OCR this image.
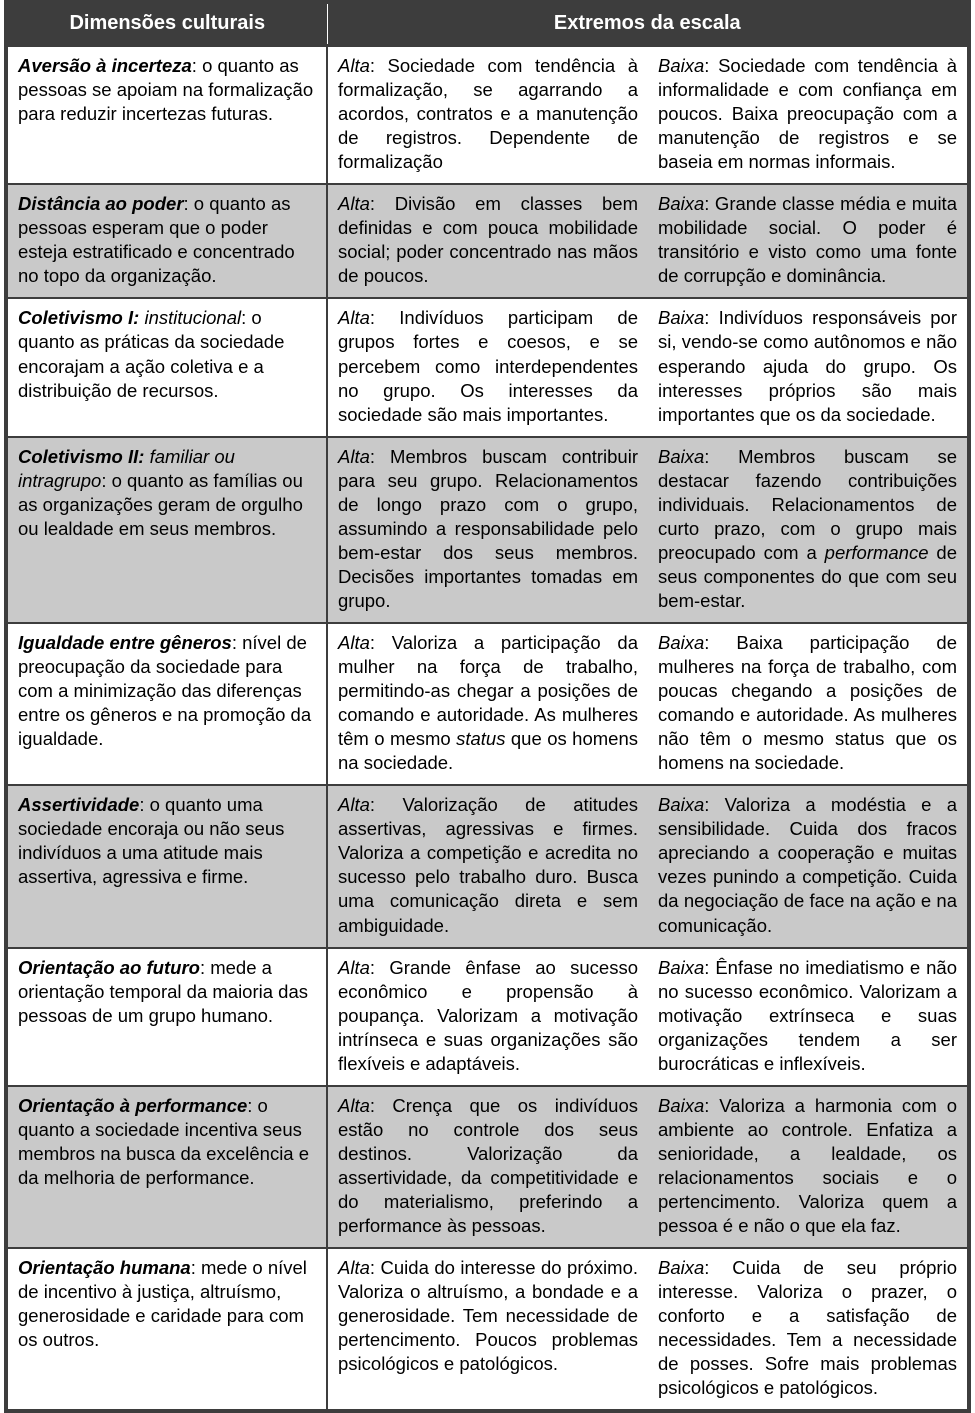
Dimensões culturais	Extremos da escala	
Aversão à incerteza: o quanto as pessoas se apoiam na formalização para reduzir incertezas futuras.	Alta: Sociedade com tendência à formalização, se agarrando a acordos, contratos e a manutenção de registros. Dependente de formalização	Baixa: Sociedade com tendência à informalidade e com confiança em poucos. Baixa preocupação com a manutenção de registros e se baseia em normas informais.

Distância ao poder: o quanto as pessoas esperam que o poder esteja estratificado e concentrado no topo da organização.	Alta: Divisão em classes bem definidas e com pouca mobilidade social; poder concentrado nas mãos de poucos.	Baixa: Grande classe média e muita mobilidade social. O poder é transitório e visto como uma fonte de corrupção e dominância.

Coletivismo I: institucional: o quanto as práticas da sociedade encorajam a ação coletiva e a distribuição de recursos.	Alta: Indivíduos participam de grupos fortes e coesos, e se percebem como interdependentes no grupo. Os interesses da sociedade são mais importantes.	Baixa: Indivíduos responsáveis por si, vendo-se como autônomos e não esperando ajuda do grupo. Os interesses próprios são mais importantes que os da sociedade.

Coletivismo II: familiar ou intragrupo: o quanto as famílias ou as organizações geram de orgulho ou lealdade em seus membros.	Alta: Membros buscam contribuir para seu grupo. Relacionamentos de longo prazo com o grupo, assumindo a responsabilidade pelo bem-estar dos seus membros. Decisões importantes tomadas em grupo.	Baixa: Membros buscam se destacar fazendo contribuições individuais. Relacionamentos de curto prazo, com o grupo mais preocupado com a performance de seus componentes do que com seu bem-estar.

Igualdade entre gêneros: nível de preocupação da sociedade para com a minimização das diferenças entre os gêneros e na promoção da igualdade.	Alta: Valoriza a participação da mulher na força de trabalho, permitindo-as chegar a posições de comando e autoridade. As mulheres têm o mesmo status que os homens na sociedade.	Baixa: Baixa participação de mulheres na força de trabalho, com poucas chegando a posições de comando e autoridade. As mulheres não têm o mesmo status que os homens na sociedade.

Assertividade: o quanto uma sociedade encoraja ou não seus indivíduos a uma atitude mais assertiva, agressiva e firme.	Alta: Valorização de atitudes assertivas, agressivas e firmes. Valoriza a competição e acredita no sucesso pelo trabalho duro. Busca uma comunicação direta e sem ambiguidade.	Baixa: Valoriza a modéstia e a sensibilidade. Cuida dos fracos apreciando a cooperação e muitas vezes punindo a competição. Cuida da negociação de face na ação e na comunicação.

Orientação ao futuro: mede a orientação temporal da maioria das pessoas de um grupo humano.	Alta: Grande ênfase ao sucesso econômico e propensão à poupança. Valorizam a motivação intrínseca e suas organizações são flexíveis e adaptáveis.	Baixa: Ênfase no imediatismo e não no sucesso econômico. Valorizam a motivação extrínseca e suas organizações tendem a ser burocráticas e inflexíveis.

Orientação à performance: o quanto a sociedade incentiva seus membros na busca da excelência e da melhoria de performance.	Alta: Crença que os indivíduos estão no controle dos seus destinos. Valorização da assertividade, da competitividade e do materialismo, preferindo a performance às pessoas.	Baixa: Valoriza a harmonia com o ambiente ao controle. Enfatiza a senioridade, a lealdade, os relacionamentos sociais e o pertencimento. Valoriza quem a pessoa é e não o que ela faz.

Orientação humana: mede o nível de incentivo à justiça, altruísmo, generosidade e caridade para com os outros.	Alta: Cuida do interesse do próximo. Valoriza o altruísmo, a bondade e a generosidade. Tem necessidade de pertencimento. Poucos problemas psicológicos e patológicos.	Baixa: Cuida de seu próprio interesse. Valoriza o prazer, o conforto e a satisfação de necessidades. Tem a necessidade de posses. Sofre mais problemas psicológicos e patológicos.
